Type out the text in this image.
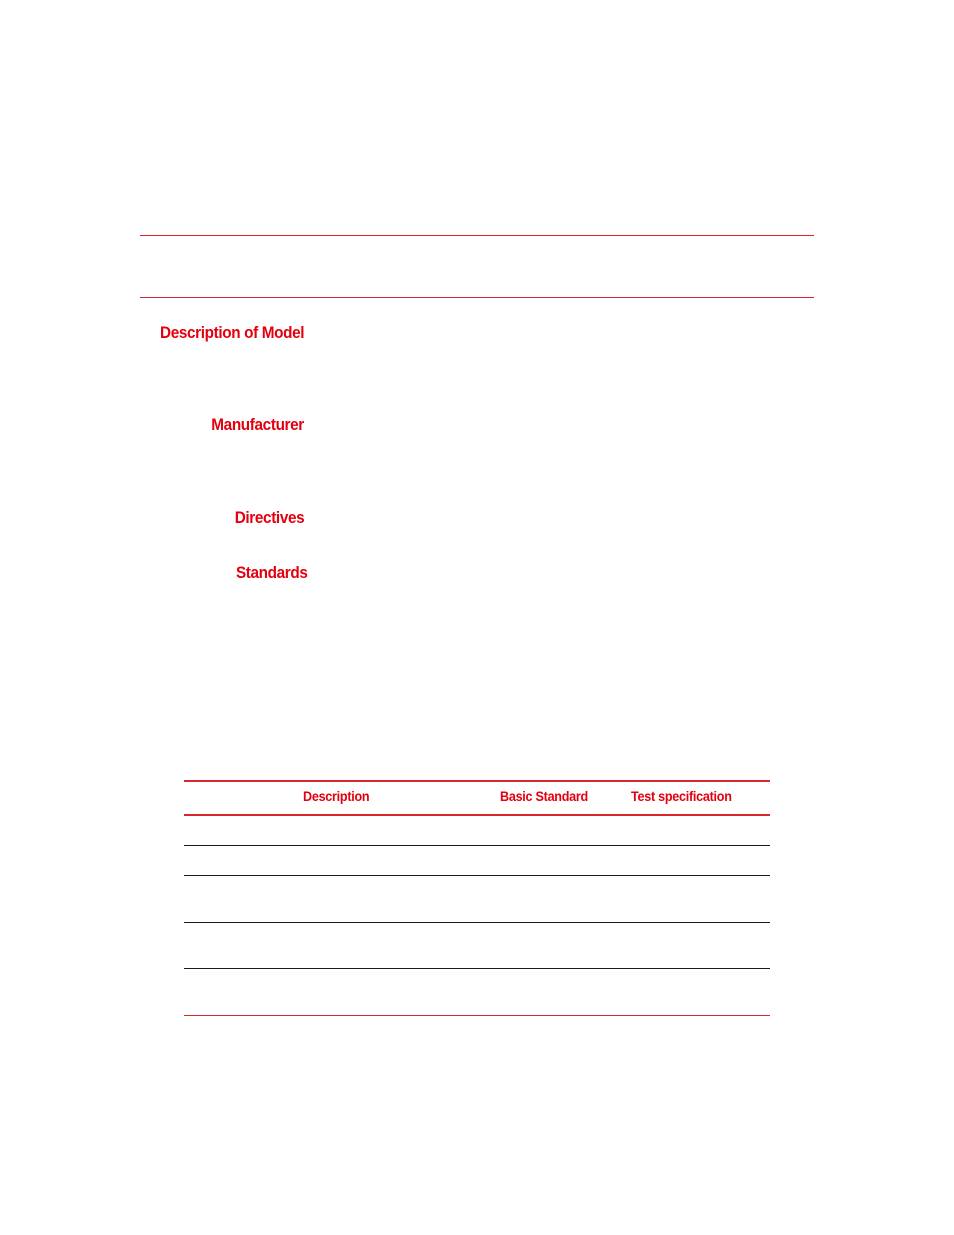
Description of Model
Manufacturer
Directives
Standards
Description	Basic Standard	Test specification
